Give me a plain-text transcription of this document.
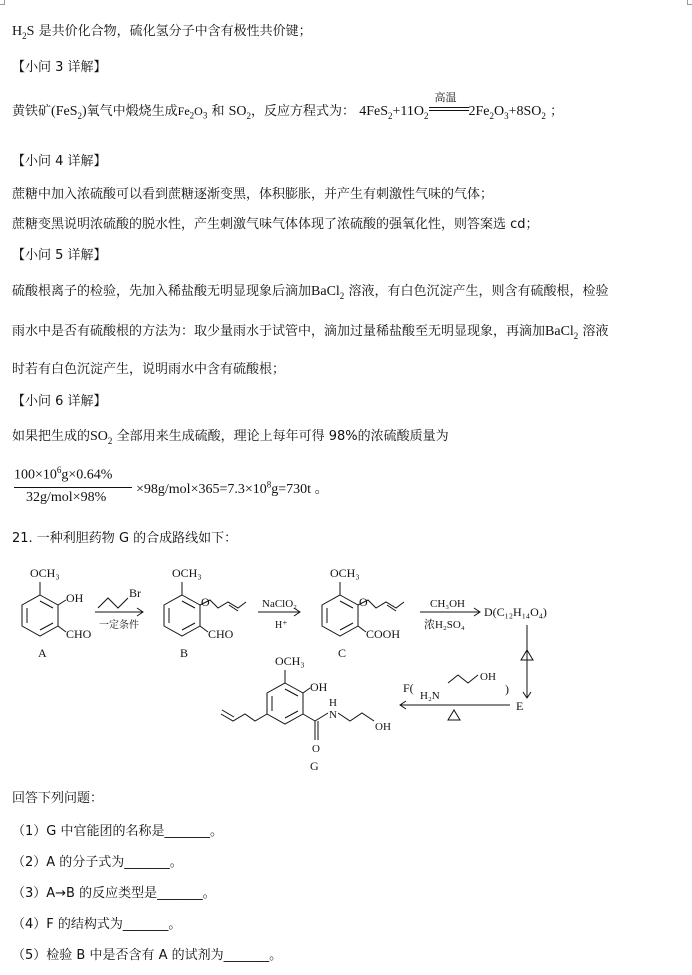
$H_2S$ 是共价化合物，硫化氢分子中含有极性共价键；
【小问 3 详解】
黄铁矿(FeS$_2$)氧气中煅烧生成$Fe_2O_3$ 和 $SO_2$，反应方程式为： $4FeS_2+11O_2$
高温
$2Fe_2O_3+8SO_2$ ；
【小问 4 详解】
蔗糖中加入浓硫酸可以看到蔗糖逐渐变黑，体积膨胀，并产生有刺激性气味的气体；
蔗糖变黑说明浓硫酸的脱水性，产生刺激气味气体体现了浓硫酸的强氧化性，则答案选 cd；
【小问 5 详解】
硫酸根离子的检验，先加入稀盐酸无明显现象后滴加BaCl$_2$ 溶液，有白色沉淀产生，则含有硫酸根，检验
雨水中是否有硫酸根的方法为：取少量雨水于试管中，滴加过量稀盐酸至无明显现象，再滴加BaCl$_2$ 溶液
时若有白色沉淀产生，说明雨水中含有硫酸根；
【小问 6 详解】
如果把生成的$SO_2$ 全部用来生成硫酸，理论上每年可得 98%的浓硫酸质量为
$100\times 10^6g\times 0.64\%$
32g/mol×98%
$\times 98g/mol\times 365=7.3\times 10^8g=730t$ 。
21. 一种利胆药物 G 的合成路线如下：
OCH₃
OH
CHO
A
Br
一定条件
OCH₃
O
CHO
B
NaClO₂
H⁺
OCH₃
O
COOH
C
CH₃OH
浓H₂SO₄
D(C₁₂H₁₄O₄)
F(
H₂N
OH
)
E
OCH₃
OH
H
N
O
OH
G
回答下列问题：
（1）G 中官能团的名称是_______。
（2）A 的分子式为_______。
（3）A→B 的反应类型是_______。
（4）F 的结构式为_______。
（5）检验 B 中是否含有 A 的试剂为_______。
